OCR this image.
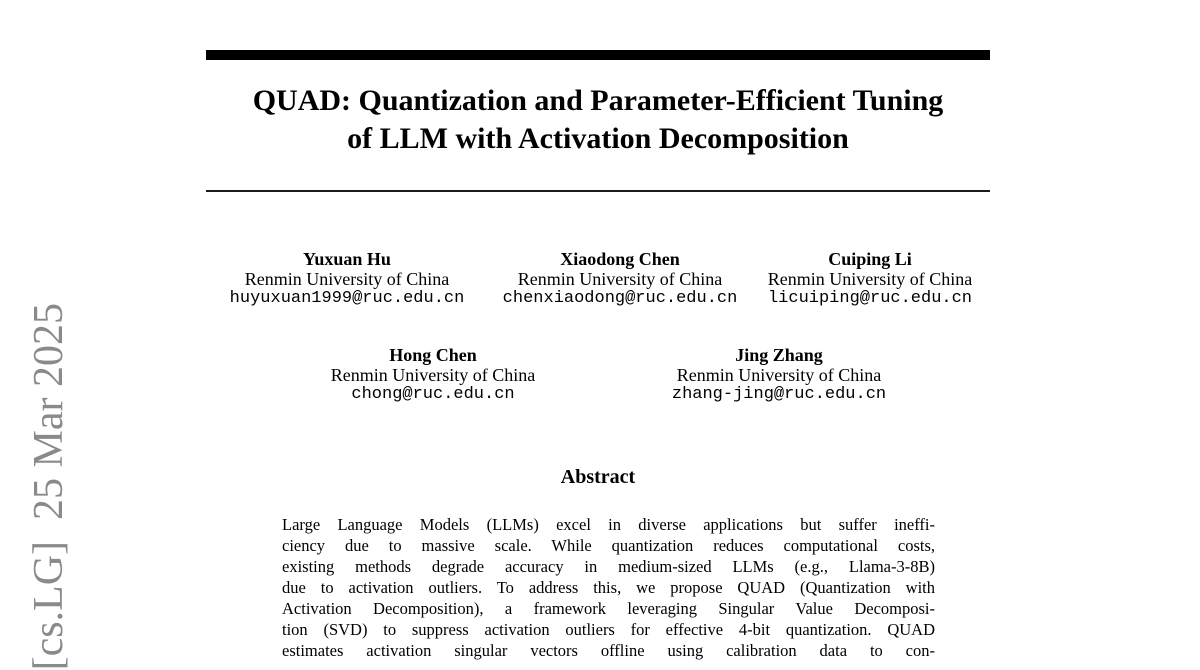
[cs.LG]  25 Mar 2025
QUAD: Quantization and Parameter-Efficient Tuning
of LLM with Activation Decomposition
Yuxuan Hu
Renmin University of China
huyuxuan1999@ruc.edu.cn
Xiaodong Chen
Renmin University of China
chenxiaodong@ruc.edu.cn
Cuiping Li
Renmin University of China
licuiping@ruc.edu.cn
Hong Chen
Renmin University of China
chong@ruc.edu.cn
Jing Zhang
Renmin University of China
zhang-jing@ruc.edu.cn
Abstract
Large Language Models (LLMs) excel in diverse applications but suffer ineffi-
ciency due to massive scale. While quantization reduces computational costs,
existing methods degrade accuracy in medium-sized LLMs (e.g., Llama-3-8B)
due to activation outliers. To address this, we propose QUAD (Quantization with
Activation Decomposition), a framework leveraging Singular Value Decomposi-
tion (SVD) to suppress activation outliers for effective 4-bit quantization. QUAD
estimates activation singular vectors offline using calibration data to con-
